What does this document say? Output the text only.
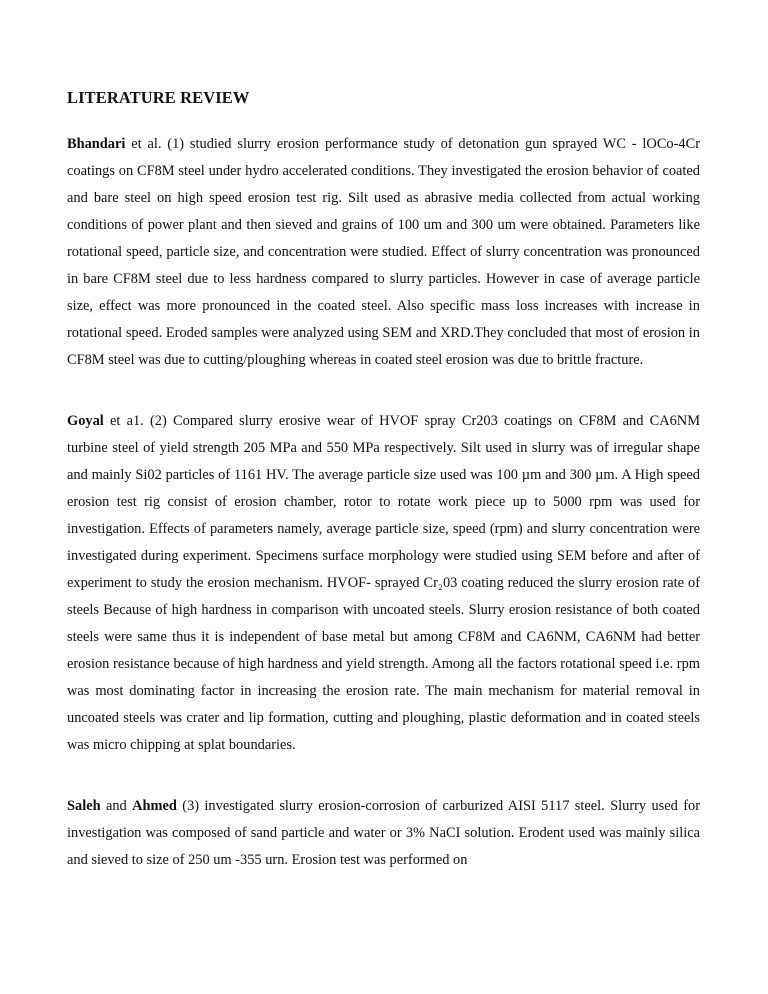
LITERATURE REVIEW

Bhandari et al. (1) studied slurry erosion performance study of detonation gun sprayed WC - lOCo-4Cr coatings on CF8M steel under hydro accelerated conditions. They investigated the erosion behavior of coated and bare steel on high speed erosion test rig. Silt used as abrasive media collected from actual working conditions of power plant and then sieved and grains of 100 um and 300 um were obtained. Parameters like rotational speed, particle size, and concentration were studied. Effect of slurry concentration was pronounced in bare CF8M steel due to less hardness compared to slurry particles. However in case of average particle size, effect was more pronounced in the coated steel. Also specific mass loss increases with increase in rotational speed. Eroded samples were analyzed using SEM and XRD.They concluded that most of erosion in CF8M steel was due to cutting/ploughing whereas in coated steel erosion was due to brittle fracture.

Goyal et a1. (2) Compared slurry erosive wear of HVOF spray Cr203 coatings on CF8M and CA6NM turbine steel of yield strength 205 MPa and 550 MPa respectively. Silt used in slurry was of irregular shape and mainly Si02 particles of 1161 HV. The average particle size used was 100 µm and 300 µm. A High speed erosion test rig consist of erosion chamber, rotor to rotate work piece up to 5000 rpm was used for investigation. Effects of parameters namely, average particle size, speed (rpm) and slurry concentration were investigated during experiment. Specimens surface morphology were studied using SEM before and after of experiment to study the erosion mechanism. HVOF- sprayed Cr₂03 coating reduced the slurry erosion rate of steels Because of high hardness in comparison with uncoated steels. Slurry erosion resistance of both coated steels were same thus it is independent of base metal but among CF8M and CA6NM, CA6NM had better erosion resistance because of high hardness and yield strength. Among all the factors rotational speed i.e. rpm was most dominating factor in increasing the erosion rate. The main mechanism for material removal in uncoated steels was crater and lip formation, cutting and ploughing, plastic deformation and in coated steels was micro chipping at splat boundaries.

Saleh and Ahmed (3) investigated slurry erosion-corrosion of carburized AISI 5117 steel. Slurry used for investigation was composed of sand particle and water or 3% NaCI solution. Erodent used was mainly silica and sieved to size of 250 um -355 urn. Erosion test was performed on
